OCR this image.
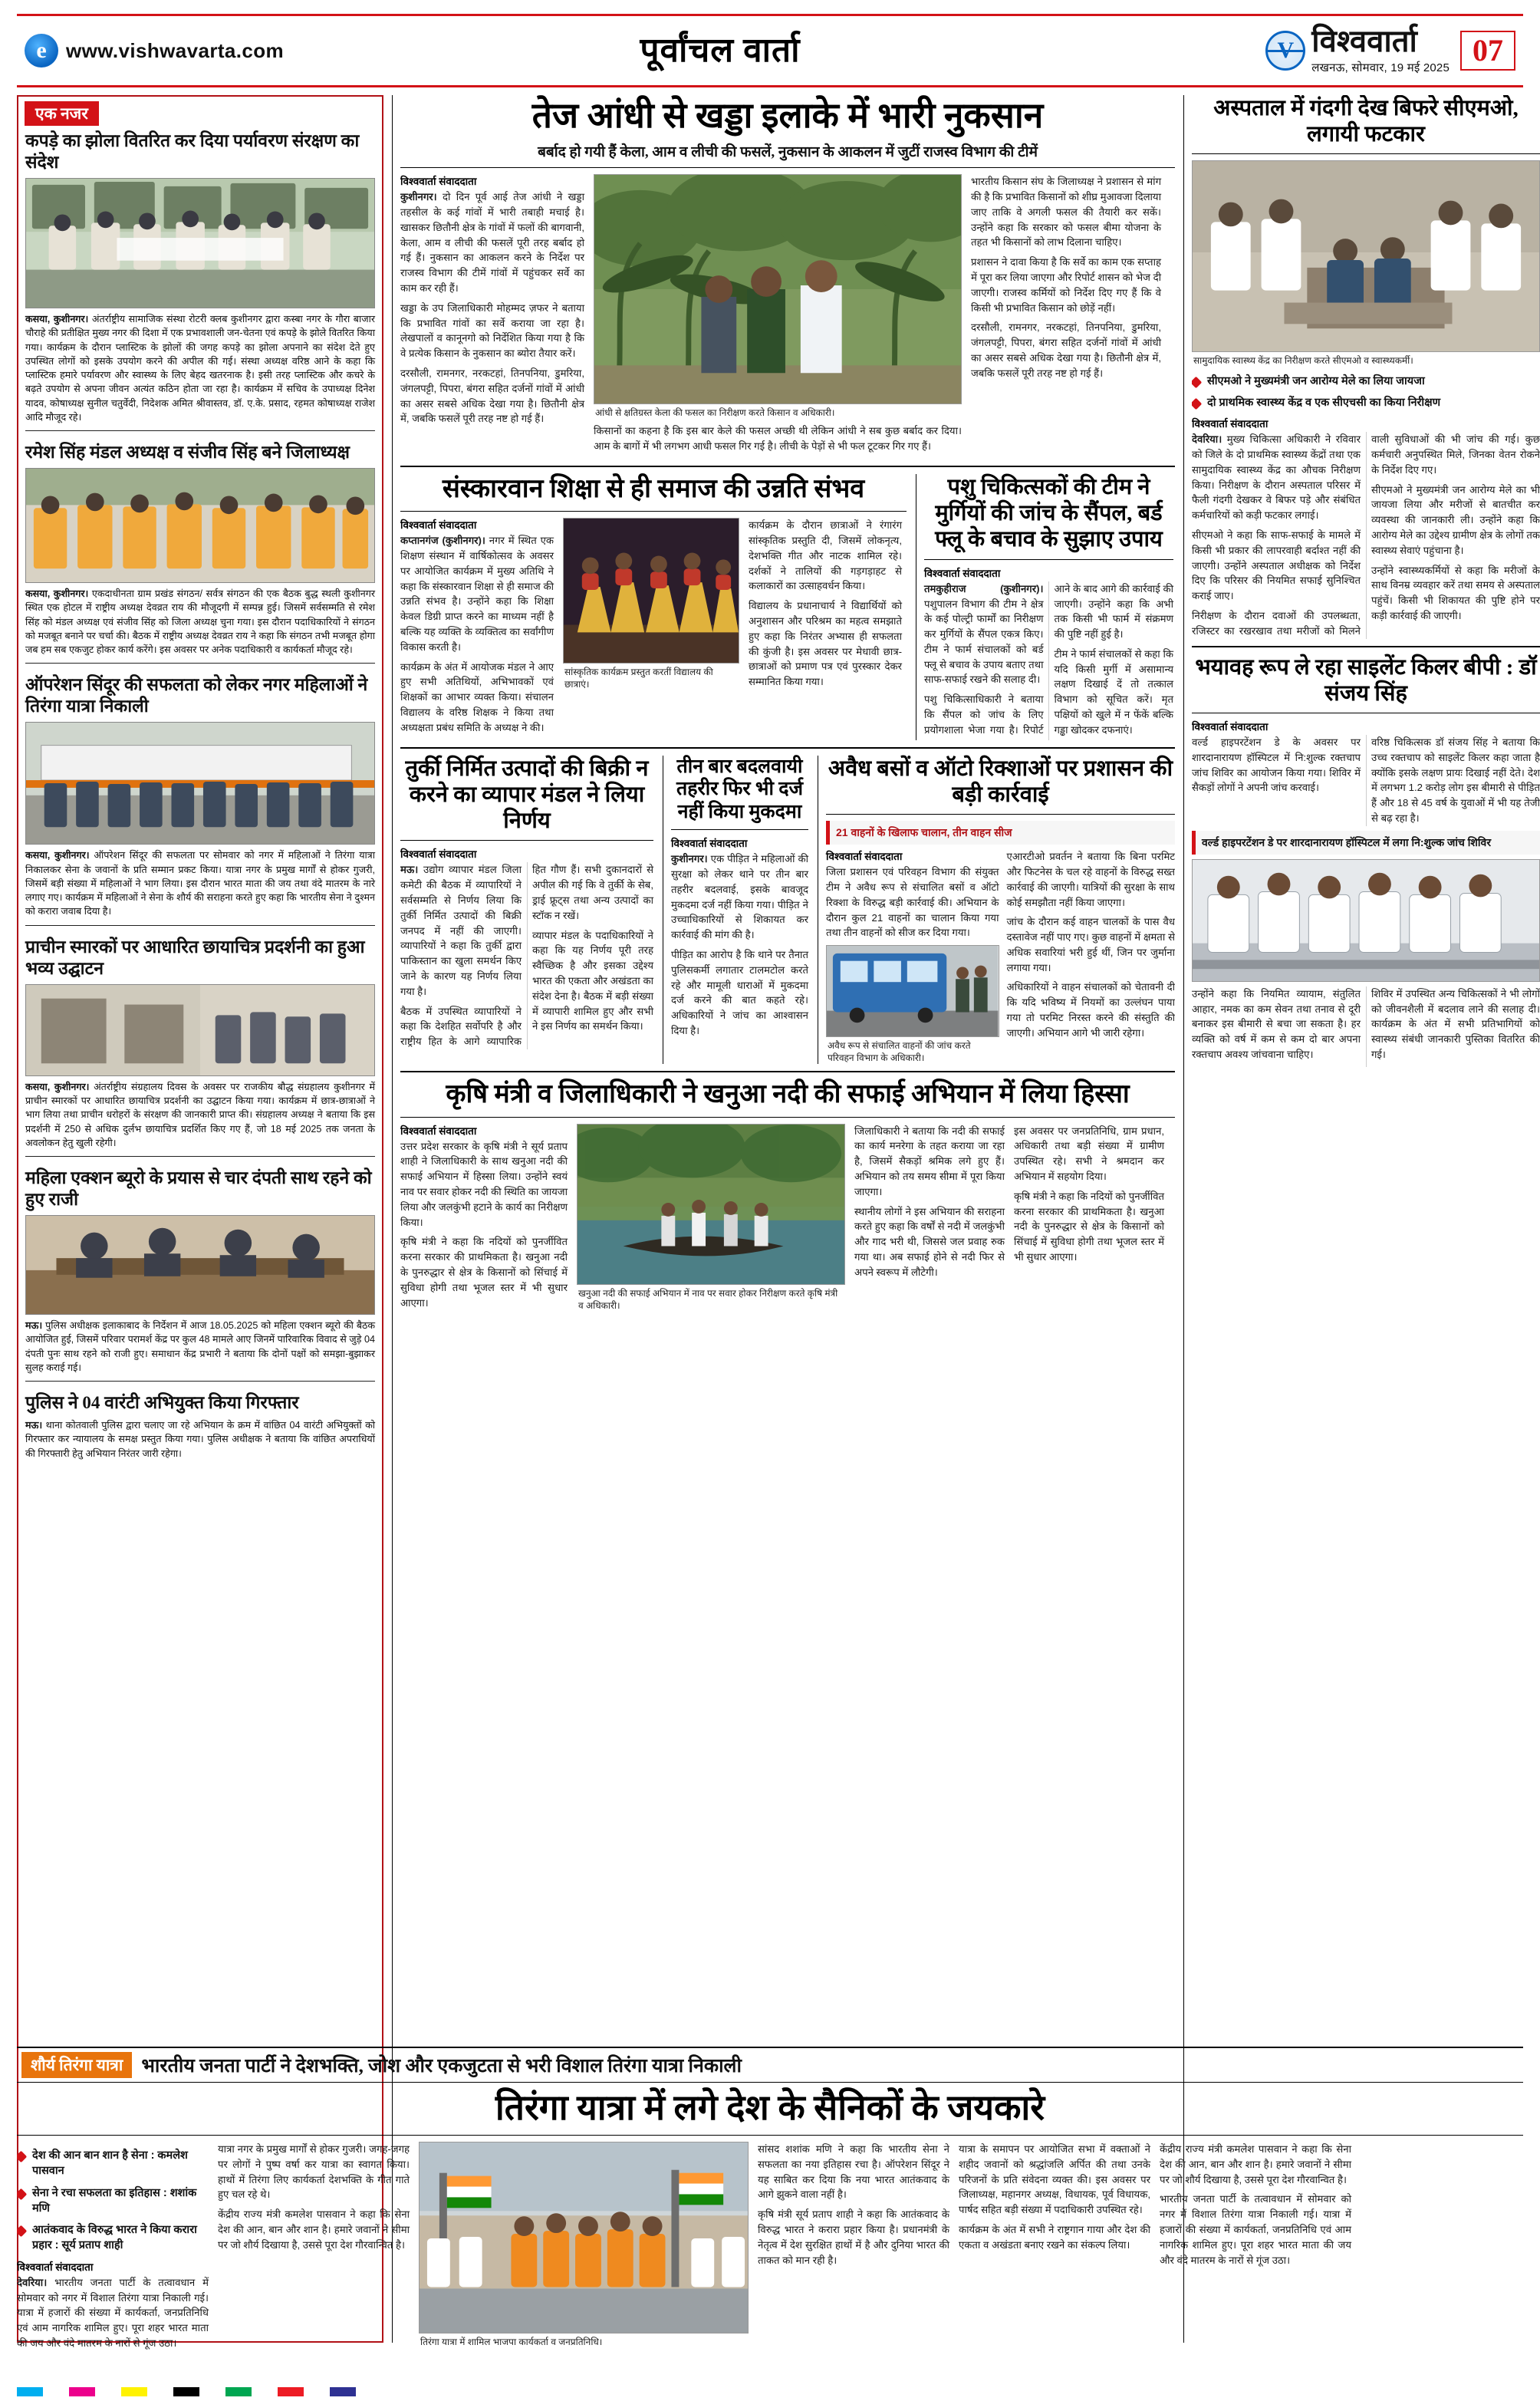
e www.vishwavarta.com	पूर्वांचल वार्ता V	विश्ववार्ता
लखनऊ, सोमवार, 19 मई 2025
07
एक नजर
कपड़े का झोला वितरित कर दिया पर्यावरण संरक्षण का संदेश
कसया, कुशीनगर। अंतर्राष्ट्रीय सामाजिक संस्था रोटरी क्लब कुशीनगर द्वारा कस्बा नगर के गौरा बाजार चौराहे की प्रतीक्षित मुख्य नगर की दिशा में एक प्रभावशाली जन-चेतना एवं कपड़े के झोले वितरित किया गया। कार्यक्रम के दौरान प्लास्टिक के झोलों की जगह कपड़े का झोला अपनाने का संदेश देते हुए उपस्थित लोगों को इसके उपयोग करने की अपील की गई। संस्था अध्यक्ष वरिष्ठ आने के कहा कि प्लास्टिक हमारे पर्यावरण और स्वास्थ्य के लिए बेहद खतरनाक है। इसी तरह प्लास्टिक और कचरे के बढ़ते उपयोग से अपना जीवन अत्यंत कठिन होता जा रहा है। कार्यक्रम में सचिव के उपाध्यक्ष दिनेश यादव, कोषाध्यक्ष सुनील चतुर्वेदी, निदेशक अमित श्रीवास्तव, डॉ. ए.के. प्रसाद, रहमत कोषाध्यक्ष राजेश आदि मौजूद रहे।
रमेश सिंह मंडल अध्यक्ष व संजीव सिंह बने जिलाध्यक्ष
कसया, कुशीनगर। एकदाधीनता ग्राम प्रखंड संगठन/ सर्वत्र संगठन की एक बैठक बुद्ध स्थली कुशीनगर स्थित एक होटल में राष्ट्रीय अध्यक्ष देवव्रत राय की मौजूदगी में सम्पन्न हुई। जिसमें सर्वसम्मति से रमेश सिंह को मंडल अध्यक्ष एवं संजीव सिंह को जिला अध्यक्ष चुना गया। इस दौरान पदाधिकारियों ने संगठन को मजबूत बनाने पर चर्चा की। बैठक में राष्ट्रीय अध्यक्ष देवव्रत राय ने कहा कि संगठन तभी मजबूत होगा जब हम सब एकजुट होकर कार्य करेंगे। इस अवसर पर अनेक पदाधिकारी व कार्यकर्ता मौजूद रहे।
ऑपरेशन सिंदूर की सफलता को लेकर नगर महिलाओं ने तिरंगा यात्रा निकाली
कसया, कुशीनगर। ऑपरेशन सिंदूर की सफलता पर सोमवार को नगर में महिलाओं ने तिरंगा यात्रा निकालकर सेना के जवानों के प्रति सम्मान प्रकट किया। यात्रा नगर के प्रमुख मार्गों से होकर गुजरी, जिसमें बड़ी संख्या में महिलाओं ने भाग लिया। इस दौरान भारत माता की जय तथा वंदे मातरम के नारे लगाए गए। कार्यक्रम में महिलाओं ने सेना के शौर्य की सराहना करते हुए कहा कि भारतीय सेना ने दुश्मन को करारा जवाब दिया है।
प्राचीन स्मारकों पर आधारित छायाचित्र प्रदर्शनी का हुआ भव्य उद्घाटन
कसया, कुशीनगर। अंतर्राष्ट्रीय संग्रहालय दिवस के अवसर पर राजकीय बौद्ध संग्रहालय कुशीनगर में प्राचीन स्मारकों पर आधारित छायाचित्र प्रदर्शनी का उद्घाटन किया गया। कार्यक्रम में छात्र-छात्राओं ने भाग लिया तथा प्राचीन धरोहरों के संरक्षण की जानकारी प्राप्त की। संग्रहालय अध्यक्ष ने बताया कि इस प्रदर्शनी में 250 से अधिक दुर्लभ छायाचित्र प्रदर्शित किए गए हैं, जो 18 मई 2025 तक जनता के अवलोकन हेतु खुली रहेगी।
महिला एक्शन ब्यूरो के प्रयास से चार दंपती साथ रहने को हुए राजी
मऊ। पुलिस अधीक्षक इलाकाबाद के निर्देशन में आज 18.05.2025 को महिला एक्शन ब्यूरो की बैठक आयोजित हुई, जिसमें परिवार परामर्श केंद्र पर कुल 48 मामले आए जिनमें पारिवारिक विवाद से जुड़े 04 दंपती पुनः साथ रहने को राजी हुए। समाधान केंद्र प्रभारी ने बताया कि दोनों पक्षों को समझा-बुझाकर सुलह कराई गई।
पुलिस ने 04 वारंटी अभियुक्त किया गिरफ्तार
मऊ। थाना कोतवाली पुलिस द्वारा चलाए जा रहे अभियान के क्रम में वांछित 04 वारंटी अभियुक्तों को गिरफ्तार कर न्यायालय के समक्ष प्रस्तुत किया गया। पुलिस अधीक्षक ने बताया कि वांछित अपराधियों की गिरफ्तारी हेतु अभियान निरंतर जारी रहेगा।
तेज आंधी से खड्डा इलाके में भारी नुकसान
बर्बाद हो गयी हैं केला, आम व लीची की फसलें, नुकसान के आकलन में जुटीं राजस्व विभाग की टीमें
विश्ववार्ता संवाददाता

कुशीनगर। दो दिन पूर्व आई तेज आंधी ने खड्डा तहसील के कई गांवों में भारी तबाही मचाई है। खासकर छितौनी क्षेत्र के गांवों में फलों की बागवानी, केला, आम व लीची की फसलें पूरी तरह बर्बाद हो गई हैं। नुकसान का आकलन करने के निर्देश पर राजस्व विभाग की टीमें गांवों में पहुंचकर सर्वे का काम कर रही हैं।

खड्डा के उप जिलाधिकारी मोहम्मद ज़फर ने बताया कि प्रभावित गांवों का सर्वे कराया जा रहा है। लेखपालों व कानूनगो को निर्देशित किया गया है कि वे प्रत्येक किसान के नुकसान का ब्योरा तैयार करें।

दरसौली, रामनगर, नरकटहां, तिनपनिया, डुमरिया, जंगलपट्टी, पिपरा, बंगरा सहित दर्जनों गांवों में आंधी का असर सबसे अधिक देखा गया है। छितौनी क्षेत्र में, जबकि फसलें पूरी तरह नष्ट हो गई हैं।

आंधी से क्षतिग्रस्त केला की फसल का निरीक्षण करते किसान व अधिकारी।

किसानों का कहना है कि इस बार केले की फसल अच्छी थी लेकिन आंधी ने सब कुछ बर्बाद कर दिया। आम के बागों में भी लगभग आधी फसल गिर गई है। लीची के पेड़ों से भी फल टूटकर गिर गए हैं।

भारतीय किसान संघ के जिलाध्यक्ष ने प्रशासन से मांग की है कि प्रभावित किसानों को शीघ्र मुआवजा दिलाया जाए ताकि वे अगली फसल की तैयारी कर सकें। उन्होंने कहा कि सरकार को फसल बीमा योजना के तहत भी किसानों को लाभ दिलाना चाहिए।

प्रशासन ने दावा किया है कि सर्वे का काम एक सप्ताह में पूरा कर लिया जाएगा और रिपोर्ट शासन को भेज दी जाएगी। राजस्व कर्मियों को निर्देश दिए गए हैं कि वे किसी भी प्रभावित किसान को छोड़ें नहीं।

दरसौली, रामनगर, नरकटहां, तिनपनिया, डुमरिया, जंगलपट्टी, पिपरा, बंगरा सहित दर्जनों गांवों में आंधी का असर सबसे अधिक देखा गया है। छितौनी क्षेत्र में, जबकि फसलें पूरी तरह नष्ट हो गई हैं।

संस्कारवान शिक्षा से ही समाज की उन्नति संभव
विश्ववार्ता संवाददाता

कप्तानगंज (कुशीनगर)। नगर में स्थित एक शिक्षण संस्थान में वार्षिकोत्सव के अवसर पर आयोजित कार्यक्रम में मुख्य अतिथि ने कहा कि संस्कारवान शिक्षा से ही समाज की उन्नति संभव है। उन्होंने कहा कि शिक्षा केवल डिग्री प्राप्त करने का माध्यम नहीं है बल्कि यह व्यक्ति के व्यक्तित्व का सर्वांगीण विकास करती है।

कार्यक्रम के अंत में आयोजक मंडल ने आए हुए सभी अतिथियों, अभिभावकों एवं शिक्षकों का आभार व्यक्त किया। संचालन विद्यालय के वरिष्ठ शिक्षक ने किया तथा अध्यक्षता प्रबंध समिति के अध्यक्ष ने की।

सांस्कृतिक कार्यक्रम प्रस्तुत करतीं विद्यालय की छात्राएं।

कार्यक्रम के दौरान छात्राओं ने रंगारंग सांस्कृतिक प्रस्तुति दी, जिसमें लोकनृत्य, देशभक्ति गीत और नाटक शामिल रहे। दर्शकों ने तालियों की गड़गड़ाहट से कलाकारों का उत्साहवर्धन किया।

विद्यालय के प्रधानाचार्य ने विद्यार्थियों को अनुशासन और परिश्रम का महत्व समझाते हुए कहा कि निरंतर अभ्यास ही सफलता की कुंजी है। इस अवसर पर मेधावी छात्र-छात्राओं को प्रमाण पत्र एवं पुरस्कार देकर सम्मानित किया गया।

पशु चिकित्सकों की टीम ने मुर्गियों की जांच के सैंपल, बर्ड फ्लू के बचाव के सुझाए उपाय
विश्ववार्ता संवाददाता

तमकुहीराज (कुशीनगर)। पशुपालन विभाग की टीम ने क्षेत्र के कई पोल्ट्री फार्मों का निरीक्षण कर मुर्गियों के सैंपल एकत्र किए। टीम ने फार्म संचालकों को बर्ड फ्लू से बचाव के उपाय बताए तथा साफ-सफाई रखने की सलाह दी।

पशु चिकित्साधिकारी ने बताया कि सैंपल को जांच के लिए प्रयोगशाला भेजा गया है। रिपोर्ट आने के बाद आगे की कार्रवाई की जाएगी। उन्होंने कहा कि अभी तक किसी भी फार्म में संक्रमण की पुष्टि नहीं हुई है।

टीम ने फार्म संचालकों से कहा कि यदि किसी मुर्गी में असामान्य लक्षण दिखाई दें तो तत्काल विभाग को सूचित करें। मृत पक्षियों को खुले में न फेंकें बल्कि गड्ढा खोदकर दफनाएं।

तुर्की निर्मित उत्पादों की बिक्री न करने का व्यापार मंडल ने लिया निर्णय
विश्ववार्ता संवाददाता

मऊ। उद्योग व्यापार मंडल जिला कमेटी की बैठक में व्यापारियों ने सर्वसम्मति से निर्णय लिया कि तुर्की निर्मित उत्पादों की बिक्री जनपद में नहीं की जाएगी। व्यापारियों ने कहा कि तुर्की द्वारा पाकिस्तान का खुला समर्थन किए जाने के कारण यह निर्णय लिया गया है।

बैठक में उपस्थित व्यापारियों ने कहा कि देशहित सर्वोपरि है और राष्ट्रीय हित के आगे व्यापारिक हित गौण हैं। सभी दुकानदारों से अपील की गई कि वे तुर्की के सेब, ड्राई फ्रूट्स तथा अन्य उत्पादों का स्टॉक न रखें।

व्यापार मंडल के पदाधिकारियों ने कहा कि यह निर्णय पूरी तरह स्वैच्छिक है और इसका उद्देश्य भारत की एकता और अखंडता का संदेश देना है। बैठक में बड़ी संख्या में व्यापारी शामिल हुए और सभी ने इस निर्णय का समर्थन किया।

तीन बार बदलवायी तहरीर फिर भी दर्ज नहीं किया मुकदमा
विश्ववार्ता संवाददाता

कुशीनगर। एक पीड़ित ने महिलाओं की सुरक्षा को लेकर थाने पर तीन बार तहरीर बदलवाई, इसके बावजूद मुकदमा दर्ज नहीं किया गया। पीड़ित ने उच्चाधिकारियों से शिकायत कर कार्रवाई की मांग की है।

पीड़ित का आरोप है कि थाने पर तैनात पुलिसकर्मी लगातार टालमटोल करते रहे और मामूली धाराओं में मुकदमा दर्ज करने की बात कहते रहे। अधिकारियों ने जांच का आश्वासन दिया है।

अवैध बसों व ऑटो रिक्शाओं पर प्रशासन की बड़ी कार्रवाई
21 वाहनों के खिलाफ चालान, तीन वाहन सीज
विश्ववार्ता संवाददाता

जिला प्रशासन एवं परिवहन विभाग की संयुक्त टीम ने अवैध रूप से संचालित बसों व ऑटो रिक्शा के विरुद्ध बड़ी कार्रवाई की। अभियान के दौरान कुल 21 वाहनों का चालान किया गया तथा तीन वाहनों को सीज कर दिया गया।

अवैध रूप से संचालित वाहनों की जांच करते परिवहन विभाग के अधिकारी।

एआरटीओ प्रवर्तन ने बताया कि बिना परमिट और फिटनेस के चल रहे वाहनों के विरुद्ध सख्त कार्रवाई की जाएगी। यात्रियों की सुरक्षा के साथ कोई समझौता नहीं किया जाएगा।

जांच के दौरान कई वाहन चालकों के पास वैध दस्तावेज नहीं पाए गए। कुछ वाहनों में क्षमता से अधिक सवारियां भरी हुई थीं, जिन पर जुर्माना लगाया गया।

अधिकारियों ने वाहन संचालकों को चेतावनी दी कि यदि भविष्य में नियमों का उल्लंघन पाया गया तो परमिट निरस्त करने की संस्तुति की जाएगी। अभियान आगे भी जारी रहेगा।

कृषि मंत्री व जिलाधिकारी ने खनुआ नदी की सफाई अभियान में लिया हिस्सा
विश्ववार्ता संवाददाता

उत्तर प्रदेश सरकार के कृषि मंत्री ने सूर्य प्रताप शाही ने जिलाधिकारी के साथ खनुआ नदी की सफाई अभियान में हिस्सा लिया। उन्होंने स्वयं नाव पर सवार होकर नदी की स्थिति का जायजा लिया और जलकुंभी हटाने के कार्य का निरीक्षण किया।

कृषि मंत्री ने कहा कि नदियों को पुनर्जीवित करना सरकार की प्राथमिकता है। खनुआ नदी के पुनरुद्धार से क्षेत्र के किसानों को सिंचाई में सुविधा होगी तथा भूजल स्तर में भी सुधार आएगा।

खनुआ नदी की सफाई अभियान में नाव पर सवार होकर निरीक्षण करते कृषि मंत्री व अधिकारी।

जिलाधिकारी ने बताया कि नदी की सफाई का कार्य मनरेगा के तहत कराया जा रहा है, जिसमें सैकड़ों श्रमिक लगे हुए हैं। अभियान को तय समय सीमा में पूरा किया जाएगा।

स्थानीय लोगों ने इस अभियान की सराहना करते हुए कहा कि वर्षों से नदी में जलकुंभी और गाद भरी थी, जिससे जल प्रवाह रुक गया था। अब सफाई होने से नदी फिर से अपने स्वरूप में लौटेगी।

इस अवसर पर जनप्रतिनिधि, ग्राम प्रधान, अधिकारी तथा बड़ी संख्या में ग्रामीण उपस्थित रहे। सभी ने श्रमदान कर अभियान में सहयोग दिया।

कृषि मंत्री ने कहा कि नदियों को पुनर्जीवित करना सरकार की प्राथमिकता है। खनुआ नदी के पुनरुद्धार से क्षेत्र के किसानों को सिंचाई में सुविधा होगी तथा भूजल स्तर में भी सुधार आएगा।

अस्पताल में गंदगी देख बिफरे सीएमओ, लगायी फटकार
सामुदायिक स्वास्थ्य केंद्र का निरीक्षण करते सीएमओ व स्वास्थ्यकर्मी।
सीएमओ ने मुख्यमंत्री जन आरोग्य मेले का लिया जायजा
दो प्राथमिक स्वास्थ्य केंद्र व एक सीएचसी का किया निरीक्षण
विश्ववार्ता संवाददाता

देवरिया। मुख्य चिकित्सा अधिकारी ने रविवार को जिले के दो प्राथमिक स्वास्थ्य केंद्रों तथा एक सामुदायिक स्वास्थ्य केंद्र का औचक निरीक्षण किया। निरीक्षण के दौरान अस्पताल परिसर में फैली गंदगी देखकर वे बिफर पड़े और संबंधित कर्मचारियों को कड़ी फटकार लगाई।

सीएमओ ने कहा कि साफ-सफाई के मामले में किसी भी प्रकार की लापरवाही बर्दाश्त नहीं की जाएगी। उन्होंने अस्पताल अधीक्षक को निर्देश दिए कि परिसर की नियमित सफाई सुनिश्चित कराई जाए।

निरीक्षण के दौरान दवाओं की उपलब्धता, रजिस्टर का रखरखाव तथा मरीजों को मिलने वाली सुविधाओं की भी जांच की गई। कुछ कर्मचारी अनुपस्थित मिले, जिनका वेतन रोकने के निर्देश दिए गए।

सीएमओ ने मुख्यमंत्री जन आरोग्य मेले का भी जायजा लिया और मरीजों से बातचीत कर व्यवस्था की जानकारी ली। उन्होंने कहा कि आरोग्य मेले का उद्देश्य ग्रामीण क्षेत्र के लोगों तक स्वास्थ्य सेवाएं पहुंचाना है।

उन्होंने स्वास्थ्यकर्मियों से कहा कि मरीजों के साथ विनम्र व्यवहार करें तथा समय से अस्पताल पहुंचें। किसी भी शिकायत की पुष्टि होने पर कड़ी कार्रवाई की जाएगी।

भयावह रूप ले रहा साइलेंट किलर बीपी : डॉ संजय सिंह
विश्ववार्ता संवाददाता

वर्ल्ड हाइपरटेंशन डे के अवसर पर शारदानारायण हॉस्पिटल में नि:शुल्क रक्तचाप जांच शिविर का आयोजन किया गया। शिविर में सैकड़ों लोगों ने अपनी जांच करवाई।

वरिष्ठ चिकित्सक डॉ संजय सिंह ने बताया कि उच्च रक्तचाप को साइलेंट किलर कहा जाता है क्योंकि इसके लक्षण प्रायः दिखाई नहीं देते। देश में लगभग 1.2 करोड़ लोग इस बीमारी से पीड़ित हैं और 18 से 45 वर्ष के युवाओं में भी यह तेजी से बढ़ रहा है।

वर्ल्ड हाइपरटेंशन डे पर शारदानारायण हॉस्पिटल में लगा नि:शुल्क जांच शिविर

उन्होंने कहा कि नियमित व्यायाम, संतुलित आहार, नमक का कम सेवन तथा तनाव से दूरी बनाकर इस बीमारी से बचा जा सकता है। हर व्यक्ति को वर्ष में कम से कम दो बार अपना रक्तचाप अवश्य जांचवाना चाहिए।

शिविर में उपस्थित अन्य चिकित्सकों ने भी लोगों को जीवनशैली में बदलाव लाने की सलाह दी। कार्यक्रम के अंत में सभी प्रतिभागियों को स्वास्थ्य संबंधी जानकारी पुस्तिका वितरित की गई।

शौर्य तिरंगा यात्रा भारतीय जनता पार्टी ने देशभक्ति, जोश और एकजुटता से भरी विशाल तिरंगा यात्रा निकाली
तिरंगा यात्रा में लगे देश के सैनिकों के जयकारे
देश की आन बान शान है सेना : कमलेश पासवान
सेना ने रचा सफलता का इतिहास : शशांक मणि
आतंकवाद के विरुद्ध भारत ने किया करारा प्रहार : सूर्य प्रताप शाही
विश्ववार्ता संवाददाता

देवरिया। भारतीय जनता पार्टी के तत्वावधान में सोमवार को नगर में विशाल तिरंगा यात्रा निकाली गई। यात्रा में हजारों की संख्या में कार्यकर्ता, जनप्रतिनिधि एवं आम नागरिक शामिल हुए। पूरा शहर भारत माता की जय और वंदे मातरम के नारों से गूंज उठा।

यात्रा नगर के प्रमुख मार्गों से होकर गुजरी। जगह-जगह पर लोगों ने पुष्प वर्षा कर यात्रा का स्वागत किया। हाथों में तिरंगा लिए कार्यकर्ता देशभक्ति के गीत गाते हुए चल रहे थे।

केंद्रीय राज्य मंत्री कमलेश पासवान ने कहा कि सेना देश की आन, बान और शान है। हमारे जवानों ने सीमा पर जो शौर्य दिखाया है, उससे पूरा देश गौरवान्वित है।

तिरंगा यात्रा में शामिल भाजपा कार्यकर्ता व जनप्रतिनिधि।

सांसद शशांक मणि ने कहा कि भारतीय सेना ने सफलता का नया इतिहास रचा है। ऑपरेशन सिंदूर ने यह साबित कर दिया कि नया भारत आतंकवाद के आगे झुकने वाला नहीं है।

कृषि मंत्री सूर्य प्रताप शाही ने कहा कि आतंकवाद के विरुद्ध भारत ने करारा प्रहार किया है। प्रधानमंत्री के नेतृत्व में देश सुरक्षित हाथों में है और दुनिया भारत की ताकत को मान रही है।

यात्रा के समापन पर आयोजित सभा में वक्ताओं ने शहीद जवानों को श्रद्धांजलि अर्पित की तथा उनके परिजनों के प्रति संवेदना व्यक्त की। इस अवसर पर जिलाध्यक्ष, महानगर अध्यक्ष, विधायक, पूर्व विधायक, पार्षद सहित बड़ी संख्या में पदाधिकारी उपस्थित रहे।

कार्यक्रम के अंत में सभी ने राष्ट्रगान गाया और देश की एकता व अखंडता बनाए रखने का संकल्प लिया।

केंद्रीय राज्य मंत्री कमलेश पासवान ने कहा कि सेना देश की आन, बान और शान है। हमारे जवानों ने सीमा पर जो शौर्य दिखाया है, उससे पूरा देश गौरवान्वित है।

भारतीय जनता पार्टी के तत्वावधान में सोमवार को नगर में विशाल तिरंगा यात्रा निकाली गई। यात्रा में हजारों की संख्या में कार्यकर्ता, जनप्रतिनिधि एवं आम नागरिक शामिल हुए। पूरा शहर भारत माता की जय और वंदे मातरम के नारों से गूंज उठा।
